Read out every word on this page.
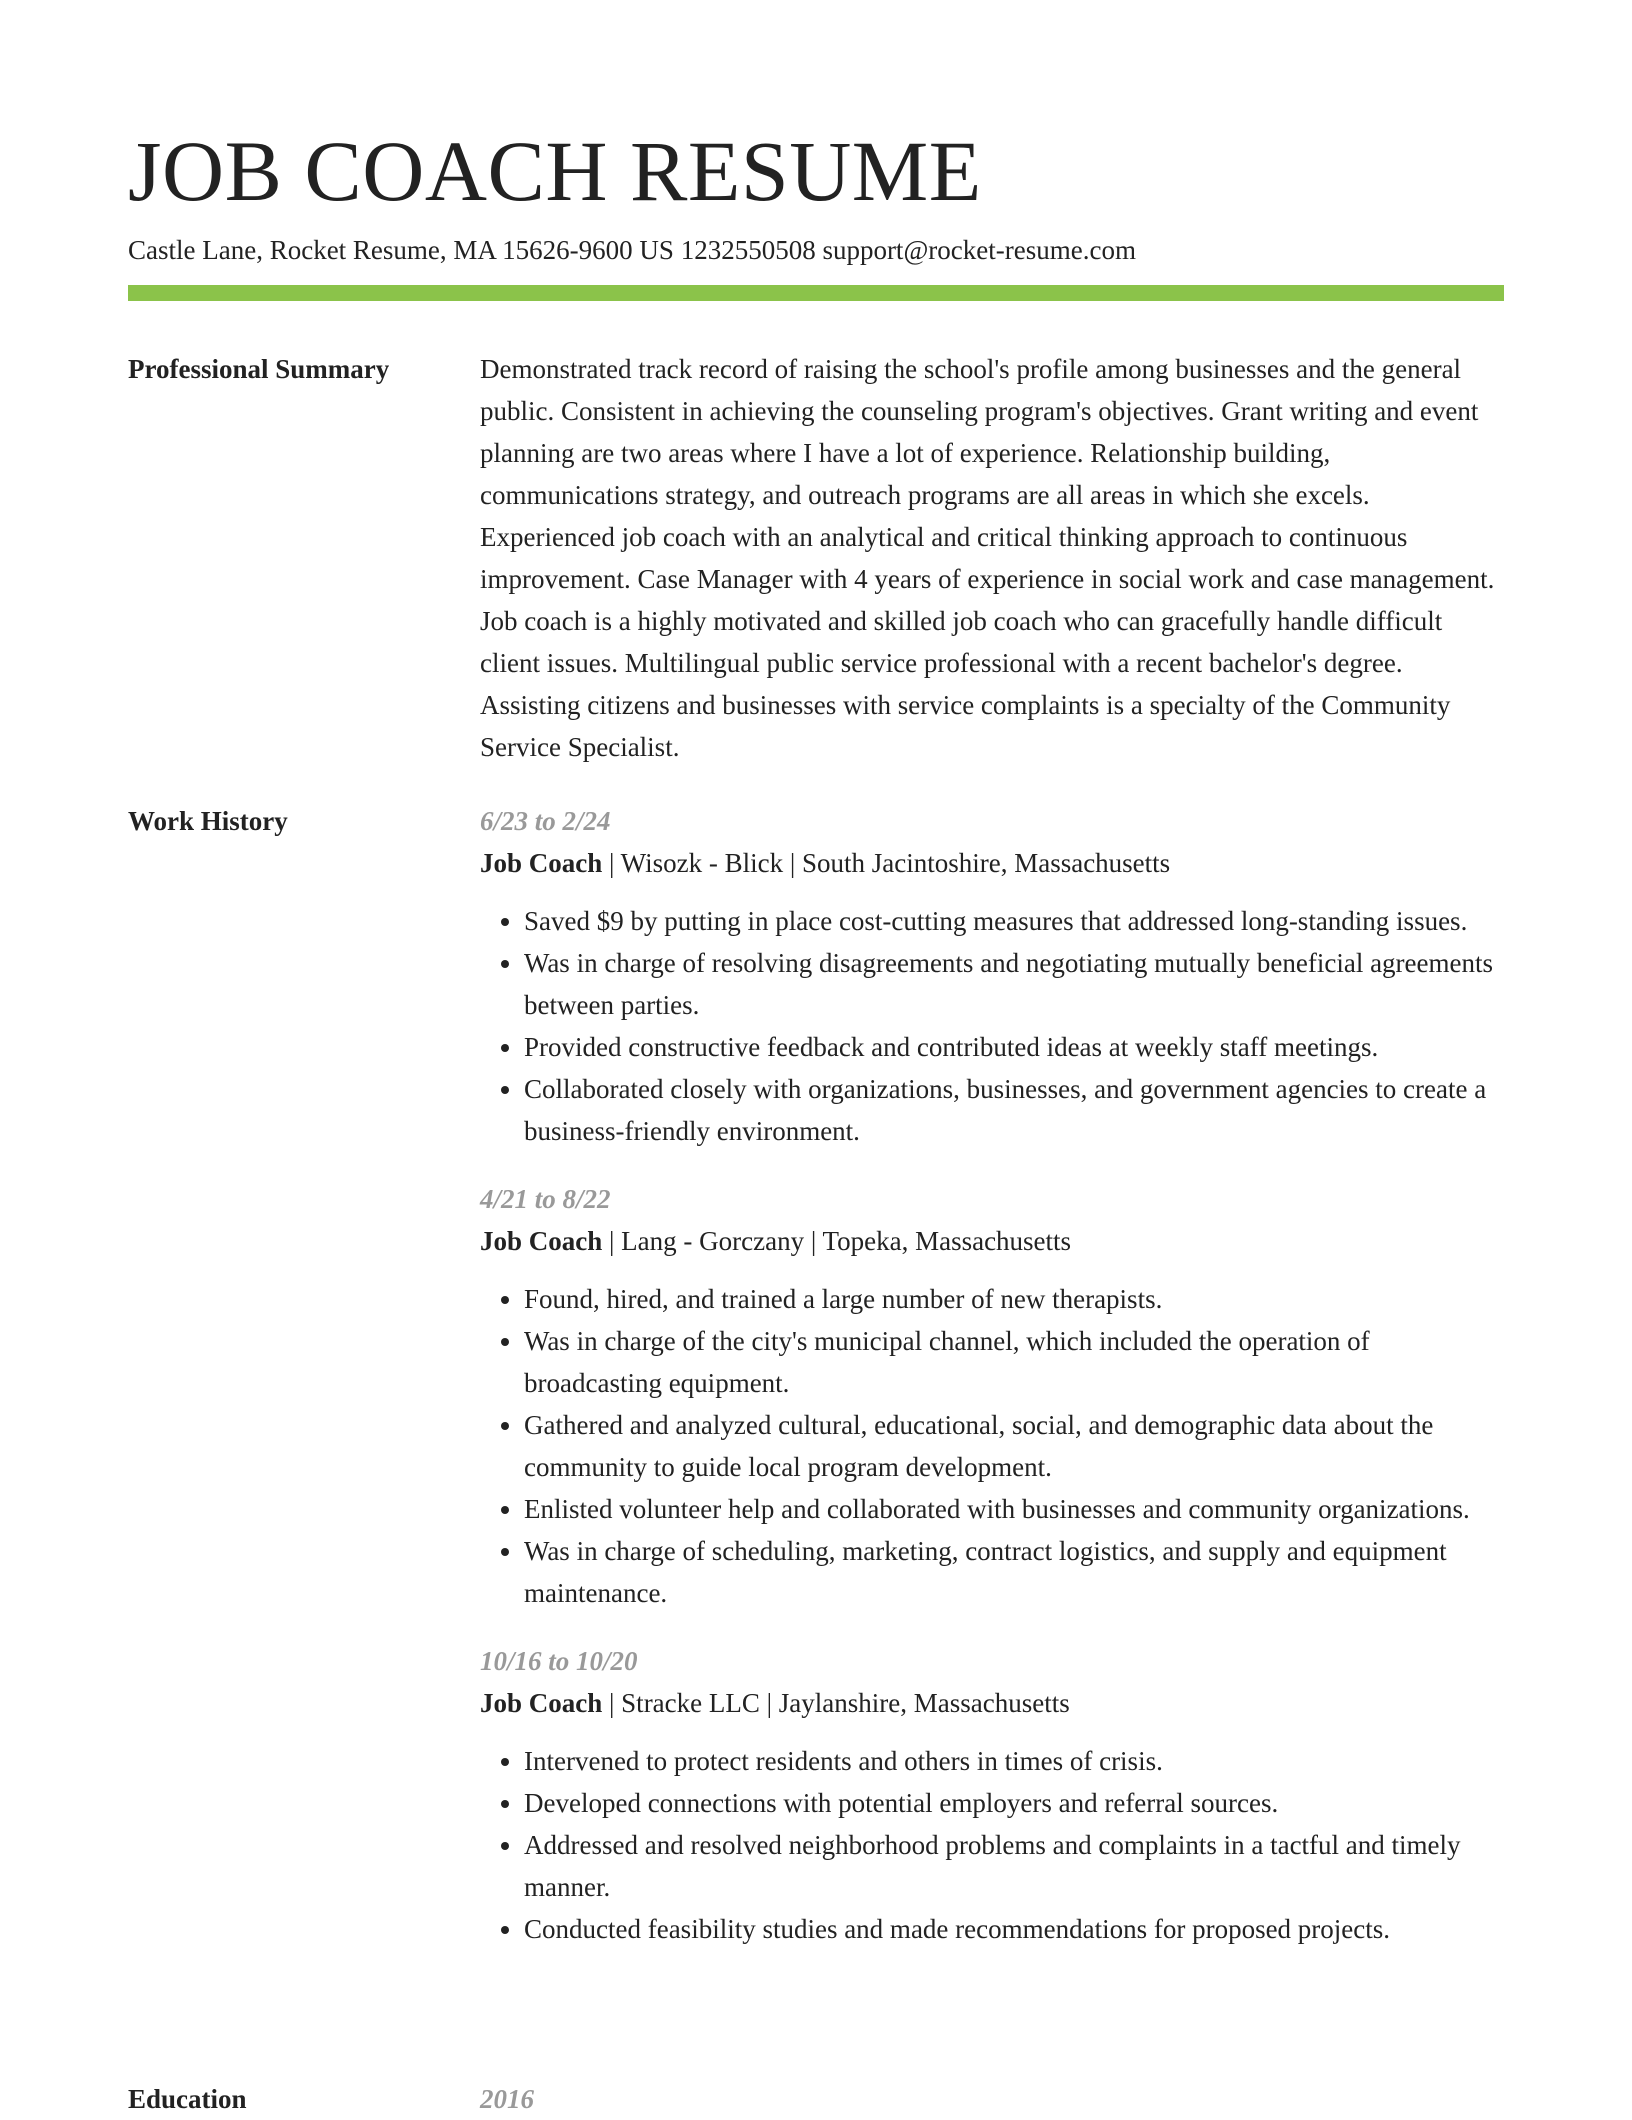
JOB COACH RESUME
Castle Lane, Rocket Resume, MA 15626-9600 US 1232550508 support@rocket-resume.com
Professional Summary	Demonstrated track record of raising the school's profile among businesses and the general public. Consistent in achieving the counseling program's objectives. Grant writing and event planning are two areas where I have a lot of experience. Relationship building, communications strategy, and outreach programs are all areas in which she excels. Experienced job coach with an analytical and critical thinking approach to continuous improvement. Case Manager with 4 years of experience in social work and case management. Job coach is a highly motivated and skilled job coach who can gracefully handle difficult client issues. Multilingual public service professional with a recent bachelor's degree. Assisting citizens and businesses with service complaints is a specialty of the Community Service Specialist.

Work History	6/23 to 2/24
Job Coach | Wisozk - Blick | South Jacintoshire, Massachusetts
• Saved $9 by putting in place cost-cutting measures that addressed long-standing issues.
• Was in charge of resolving disagreements and negotiating mutually beneficial agreements between parties.
• Provided constructive feedback and contributed ideas at weekly staff meetings.
• Collaborated closely with organizations, businesses, and government agencies to create a business-friendly environment.
4/21 to 8/22
Job Coach | Lang - Gorczany | Topeka, Massachusetts
• Found, hired, and trained a large number of new therapists.
• Was in charge of the city's municipal channel, which included the operation of broadcasting equipment.
• Gathered and analyzed cultural, educational, social, and demographic data about the community to guide local program development.
• Enlisted volunteer help and collaborated with businesses and community organizations.
• Was in charge of scheduling, marketing, contract logistics, and supply and equipment maintenance.
10/16 to 10/20
Job Coach | Stracke LLC | Jaylanshire, Massachusetts
• Intervened to protect residents and others in times of crisis.
• Developed connections with potential employers and referral sources.
• Addressed and resolved neighborhood problems and complaints in a tactful and timely manner.
• Conducted feasibility studies and made recommendations for proposed projects.
Education	2016
